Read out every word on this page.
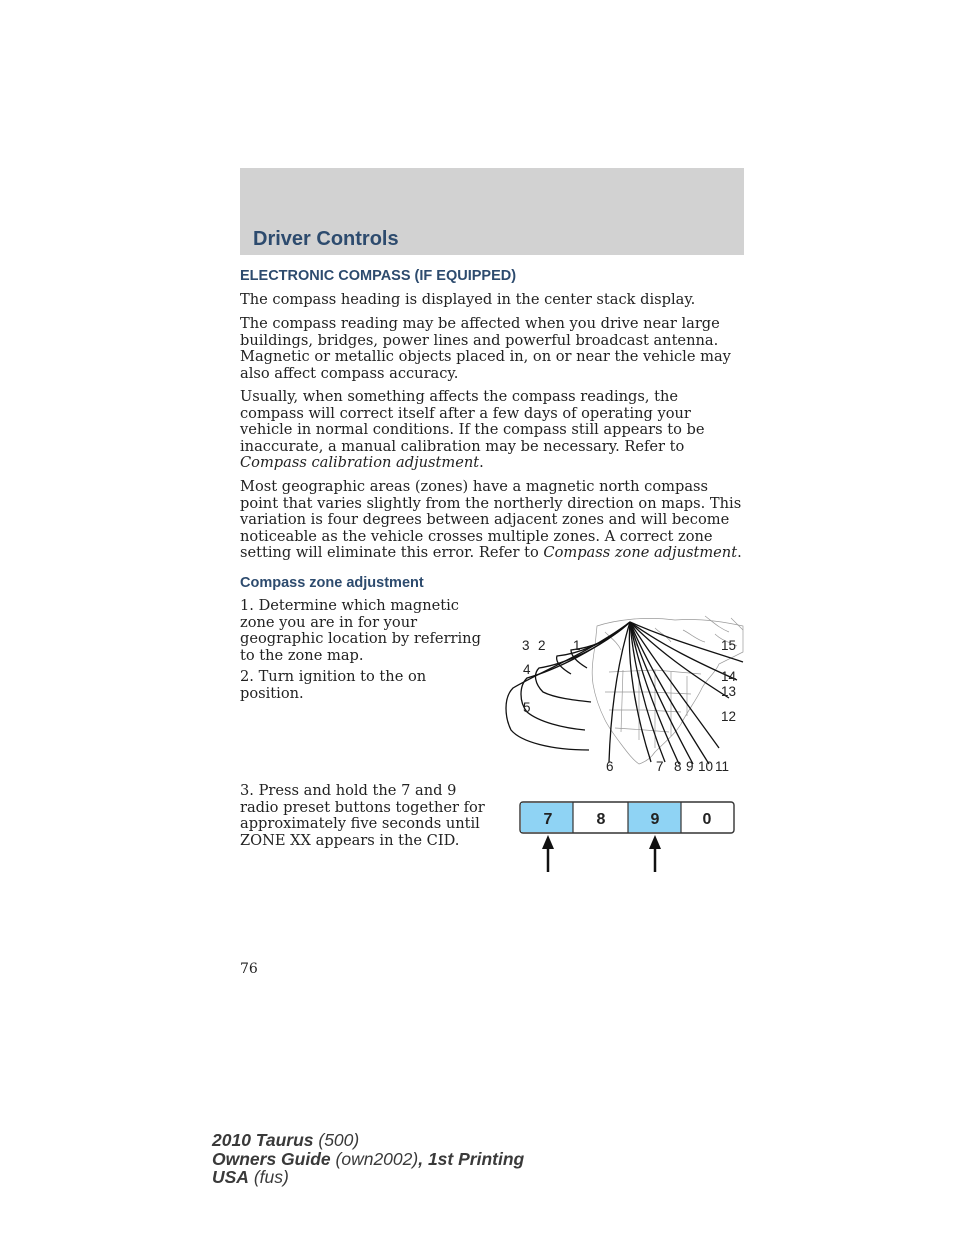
Driver Controls
ELECTRONIC COMPASS (IF EQUIPPED)

The compass heading is displayed in the center stack display.

The compass reading may be affected when you drive near large buildings, bridges, power lines and powerful broadcast antenna. Magnetic or metallic objects placed in, on or near the vehicle may also affect compass accuracy.

Usually, when something affects the compass readings, the compass will correct itself after a few days of operating your vehicle in normal conditions. If the compass still appears to be inaccurate, a manual calibration may be necessary. Refer to Compass calibration adjustment.

Most geographic areas (zones) have a magnetic north compass point that varies slightly from the northerly direction on maps. This variation is four degrees between adjacent zones and will become noticeable as the vehicle crosses multiple zones. A correct zone setting will eliminate this error. Refer to Compass zone adjustment.

Compass zone adjustment

1. Determine which magnetic zone you are in for your geographic location by referring to the zone map.

2. Turn ignition to the on position.

3. Press and hold the 7 and 9 radio preset buttons together for approximately five seconds until ZONE XX appears in the CID.

3 2 1
4
5
6	7 8 9 10 11
12
13
14
15
7	8	9	0

76

2010 Taurus (500)
Owners Guide (own2002), 1st Printing
USA (fus)
